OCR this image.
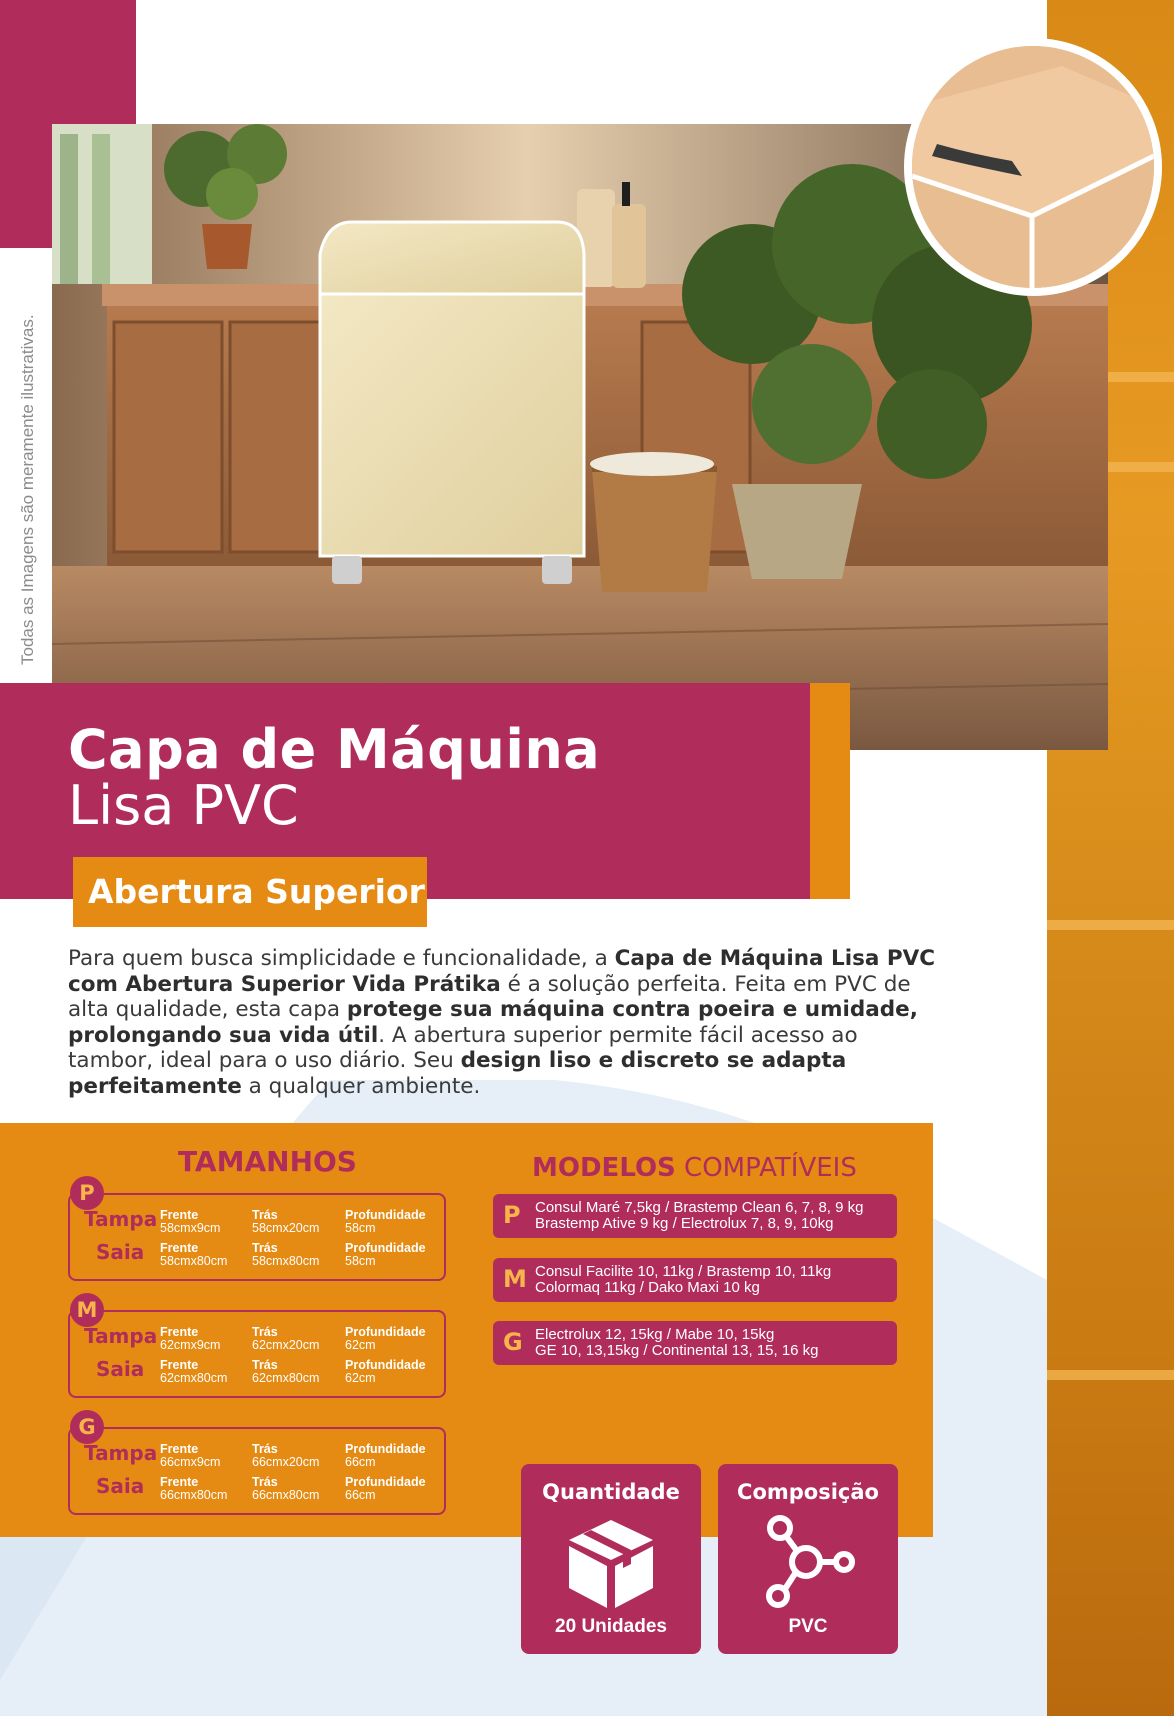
Todas as Imagens são meramente ilustrativas.
Capa de Máquina
Lisa PVC
Abertura Superior
Para quem busca simplicidade e funcionalidade, a Capa de Máquina Lisa PVC com Abertura Superior Vida Prátika é a solução perfeita. Feita em PVC de alta qualidade, esta capa protege sua máquina contra poeira e umidade, prolongando sua vida útil. A abertura superior permite fácil acesso ao tambor, ideal para o uso diário. Seu design liso e discreto se adapta perfeitamente a qualquer ambiente.
TAMANHOS
P
Tampa Frente
58cmx9cm
Trás
58cmx20cm
Profundidade
58cm
Saia Frente
58cmx80cm
Trás
58cmx80cm
Profundidade
58cm
M
Tampa Frente
62cmx9cm
Trás
62cmx20cm
Profundidade
62cm
Saia Frente
62cmx80cm
Trás
62cmx80cm
Profundidade
62cm
G
Tampa Frente
66cmx9cm
Trás
66cmx20cm
Profundidade
66cm
Saia Frente
66cmx80cm
Trás
66cmx80cm
Profundidade
66cm
MODELOS COMPATÍVEIS
P Consul Maré 7,5kg / Brastemp Clean 6, 7, 8, 9 kg
Brastemp Ative 9 kg / Electrolux 7, 8, 9, 10kg
M Consul Facilite 10, 11kg / Brastemp 10, 11kg
Colormaq 11kg / Dako Maxi 10 kg
G Electrolux 12, 15kg / Mabe 10, 15kg
GE 10, 13,15kg / Continental 13, 15, 16 kg
Quantidade
20 Unidades
Composição
PVC
